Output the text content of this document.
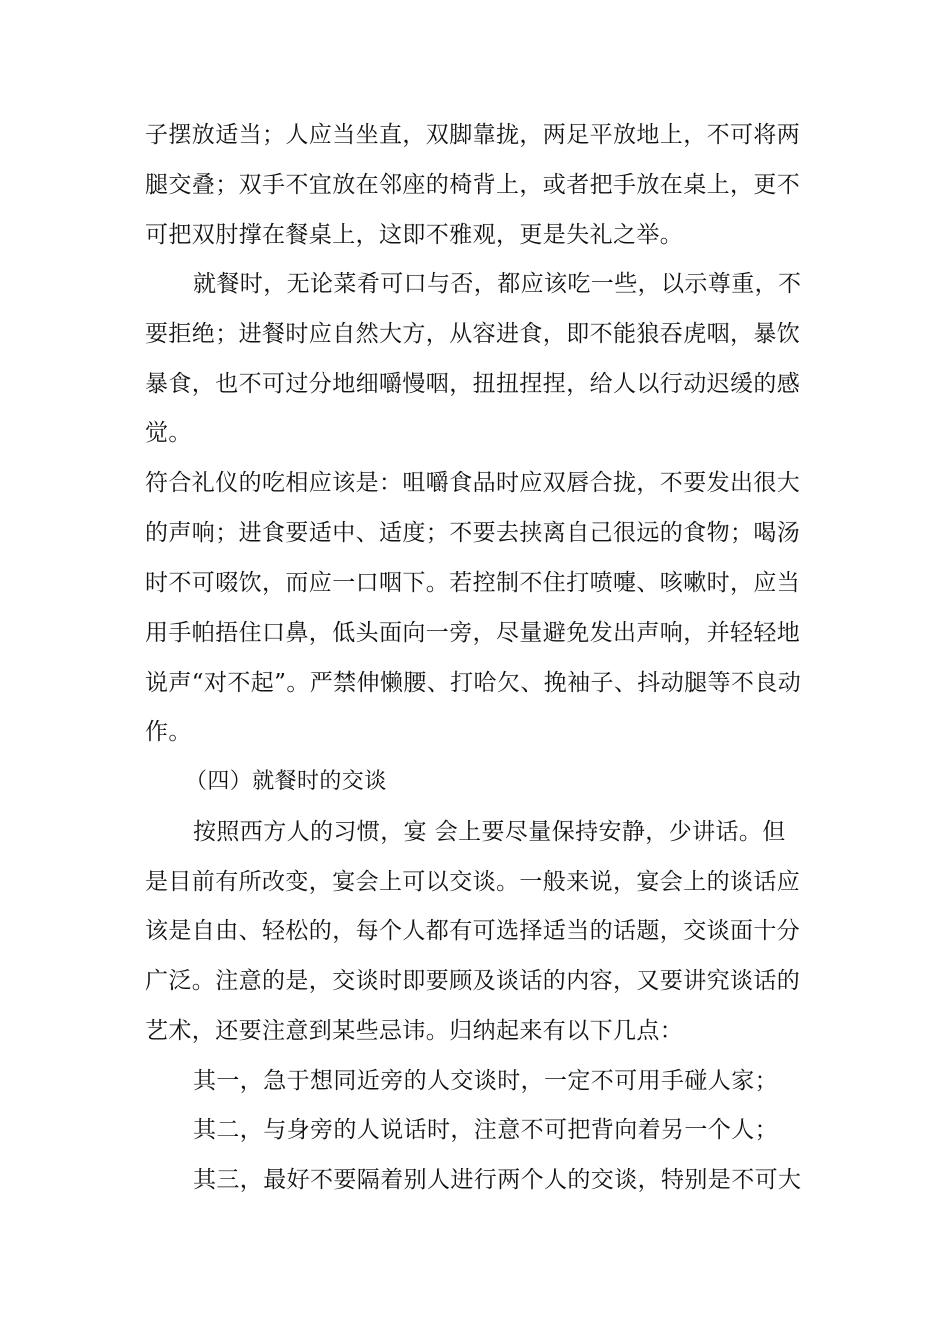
子摆放适当；人应当坐直，双脚靠拢，两足平放地上，不可将两
腿交叠；双手不宜放在邻座的椅背上，或者把手放在桌上，更不
可把双肘撑在餐桌上，这即不雅观，更是失礼之举。
就餐时，无论菜肴可口与否，都应该吃一些，以示尊重，不
要拒绝；进餐时应自然大方，从容进食，即不能狼吞虎咽，暴饮
暴食，也不可过分地细嚼慢咽，扭扭捏捏，给人以行动迟缓的感
觉。
符合礼仪的吃相应该是：咀嚼食品时应双唇合拢，不要发出很大
的声响；进食要适中、适度；不要去挟离自己很远的食物；喝汤
时不可啜饮，而应一口咽下。若控制不住打喷嚏、咳嗽时，应当
用手帕捂住口鼻，低头面向一旁，尽量避免发出声响，并轻轻地
说声“对不起”。严禁伸懒腰、打哈欠、挽袖子、抖动腿等不良动
作。
（四）就餐时的交谈
按照西方人的习惯，宴 会上要尽量保持安静，少讲话。但
是目前有所改变，宴会上可以交谈。一般来说，宴会上的谈话应
该是自由、轻松的，每个人都有可选择适当的话题，交谈面十分
广泛。注意的是，交谈时即要顾及谈话的内容，又要讲究谈话的
艺术，还要注意到某些忌讳。归纳起来有以下几点：
其一，急于想同近旁的人交谈时，一定不可用手碰人家；
其二，与身旁的人说话时，注意不可把背向着另一个人；
其三，最好不要隔着别人进行两个人的交谈，特别是不可大
